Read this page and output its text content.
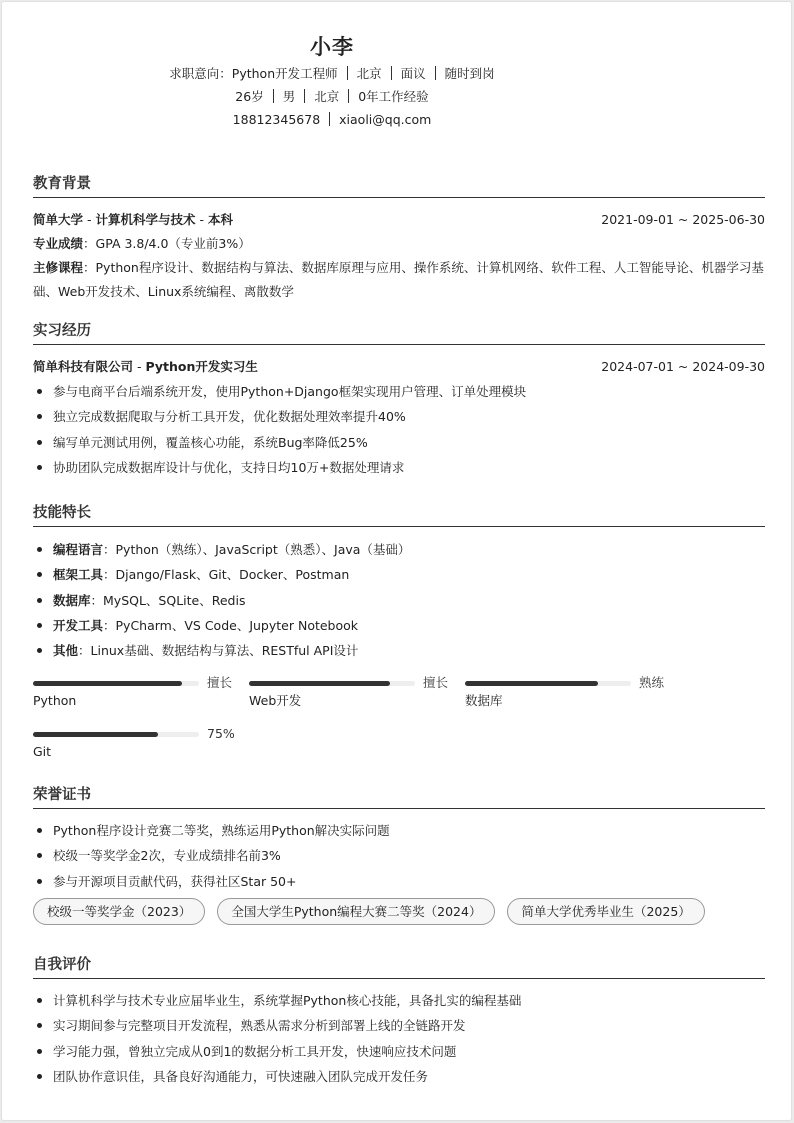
小李
求职意向：Python开发工程师 北京 面议 随时到岗
26岁 男 北京 0年工作经验
18812345678 xiaoli@qq.com
教育背景
简单大学 - 计算机科学与技术 - 本科	2021-09-01 ~ 2025-06-30
专业成绩：GPA 3.8/4.0（专业前3%）
主修课程：Python程序设计、数据结构与算法、数据库原理与应用、操作系统、计算机网络、软件工程、人工智能导论、机器学习基础、Web开发技术、Linux系统编程、离散数学
实习经历
简单科技有限公司 - Python开发实习生	2024-07-01 ~ 2024-09-30
参与电商平台后端系统开发，使用Python+Django框架实现用户管理、订单处理模块
独立完成数据爬取与分析工具开发，优化数据处理效率提升40%
编写单元测试用例，覆盖核心功能，系统Bug率降低25%
协助团队完成数据库设计与优化，支持日均10万+数据处理请求
技能特长
编程语言：Python（熟练）、JavaScript（熟悉）、Java（基础）
框架工具：Django/Flask、Git、Docker、Postman
数据库：MySQL、SQLite、Redis
开发工具：PyCharm、VS Code、Jupyter Notebook
其他：Linux基础、数据结构与算法、RESTful API设计
擅长
Python
擅长
Web开发
熟练
数据库
75%
Git
荣誉证书
Python程序设计竞赛二等奖，熟练运用Python解决实际问题
校级一等奖学金2次，专业成绩排名前3%
参与开源项目贡献代码，获得社区Star 50+
校级一等奖学金（2023）	全国大学生Python编程大赛二等奖（2024）	简单大学优秀毕业生（2025）
自我评价
计算机科学与技术专业应届毕业生，系统掌握Python核心技能，具备扎实的编程基础
实习期间参与完整项目开发流程，熟悉从需求分析到部署上线的全链路开发
学习能力强，曾独立完成从0到1的数据分析工具开发，快速响应技术问题
团队协作意识佳，具备良好沟通能力，可快速融入团队完成开发任务
